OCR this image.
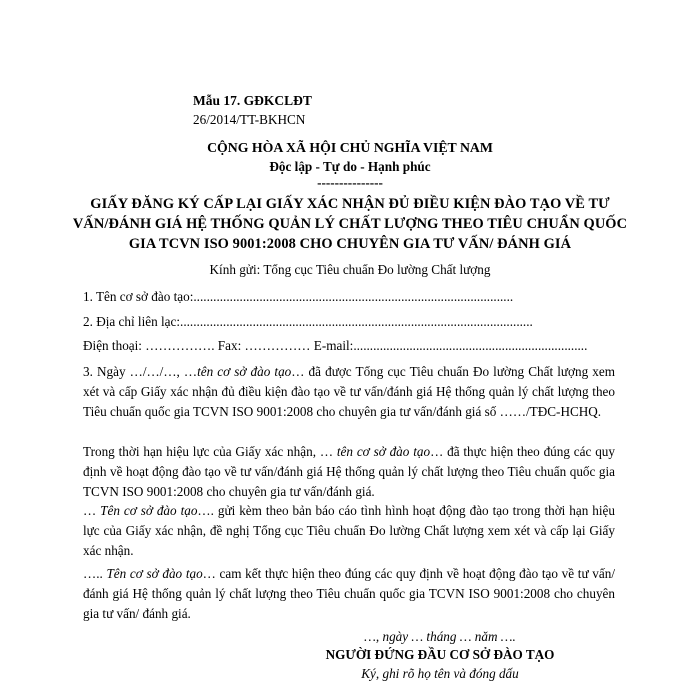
Mẫu 17. GĐKCLĐT
26/2014/TT-BKHCN
CỘNG HÒA XÃ HỘI CHỦ NGHĨA VIỆT NAM
Độc lập - Tự do - Hạnh phúc
---------------
GIẤY ĐĂNG KÝ CẤP LẠI GIẤY XÁC NHẬN ĐỦ ĐIỀU KIỆN ĐÀO TẠO VỀ TƯ
VẤN/ĐÁNH GIÁ HỆ THỐNG QUẢN LÝ CHẤT LƯỢNG THEO TIÊU CHUẨN QUỐC
GIA TCVN ISO 9001:2008 CHO CHUYÊN GIA TƯ VẤN/ ĐÁNH GIÁ
Kính gửi: Tổng cục Tiêu chuẩn Đo lường Chất lượng
1. Tên cơ sở đào tạo:.................................................................................................
2. Địa chỉ liên lạc:...........................................................................................................
Điện thoại: ……………. Fax: …………… E-mail:.......................................................................

3. Ngày …/…/…, …tên cơ sở đào tạo… đã được Tổng cục Tiêu chuẩn Đo lường Chất lượng xem xét và cấp Giấy xác nhận đủ điều kiện đào tạo về tư vấn/đánh giá Hệ thống quản lý chất lượng theo Tiêu chuẩn quốc gia TCVN ISO 9001:2008 cho chuyên gia tư vấn/đánh giá số ……/TĐC-HCHQ.

Trong thời hạn hiệu lực của Giấy xác nhận, … tên cơ sở đào tạo… đã thực hiện theo đúng các quy định về hoạt động đào tạo về tư vấn/đánh giá Hệ thống quản lý chất lượng theo Tiêu chuẩn quốc gia TCVN ISO 9001:2008 cho chuyên gia tư vấn/đánh giá.

… Tên cơ sở đào tạo…. gửi kèm theo bản báo cáo tình hình hoạt động đào tạo trong thời hạn hiệu lực của Giấy xác nhận, đề nghị Tổng cục Tiêu chuẩn Đo lường Chất lượng xem xét và cấp lại Giấy xác nhận.

….. Tên cơ sở đào tạo… cam kết thực hiện theo đúng các quy định về hoạt động đào tạo về tư vấn/đánh giá Hệ thống quản lý chất lượng theo Tiêu chuẩn quốc gia TCVN ISO 9001:2008 cho chuyên gia tư vấn/ đánh giá.

…, ngày … tháng … năm ….
NGƯỜI ĐỨNG ĐẦU CƠ SỞ ĐÀO TẠO
Ký, ghi rõ họ tên và đóng dấu
